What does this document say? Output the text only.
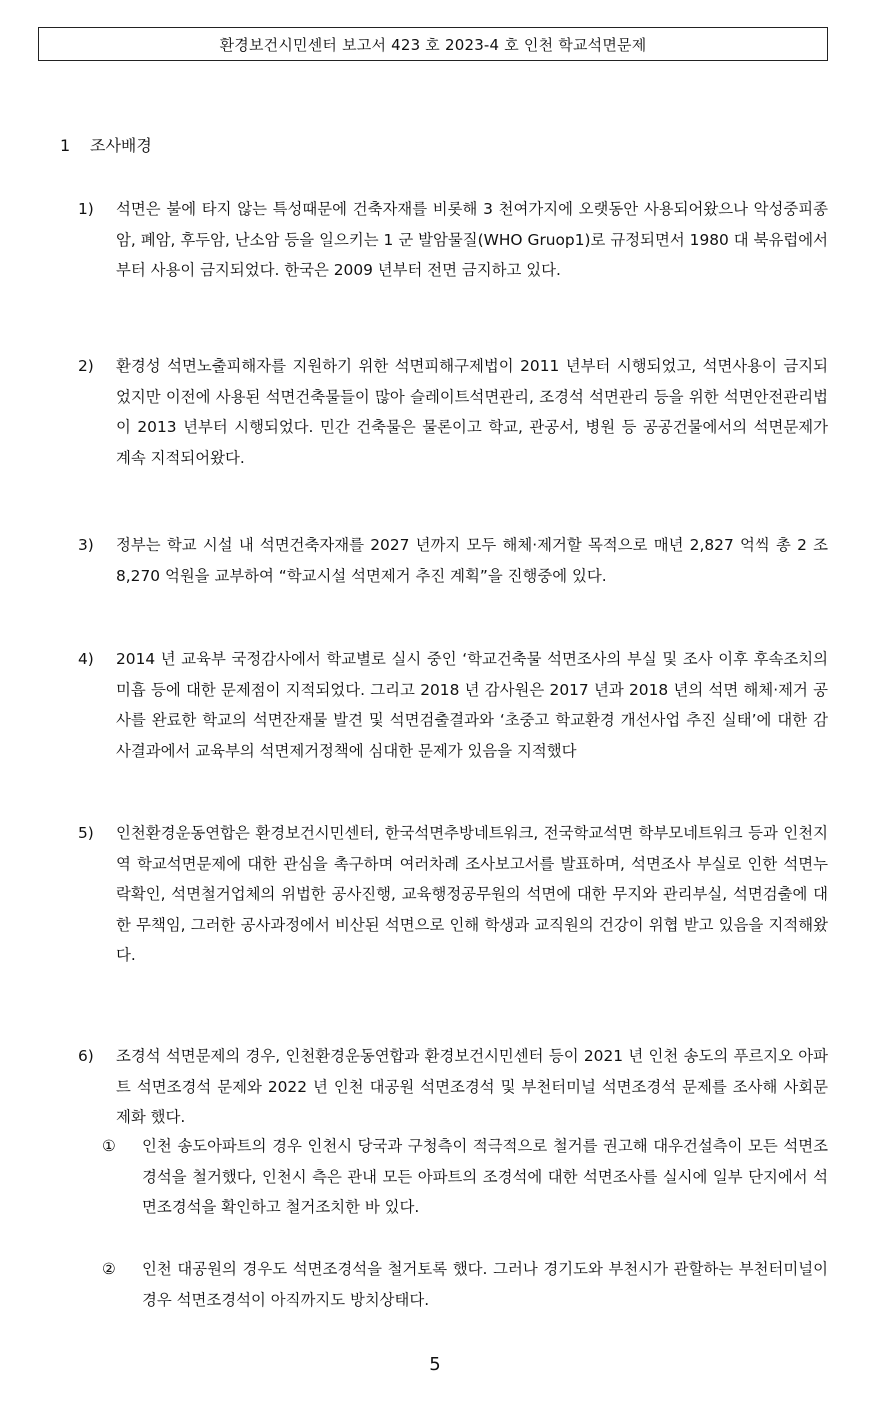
환경보건시민센터 보고서 423 호 2023-4 호 인천 학교석면문제
1 조사배경
1)	석면은 불에 타지 않는 특성때문에 건축자재를 비롯해 3 천여가지에 오랫동안 사용되어왔으나 악성중피종암, 폐암, 후두암, 난소암 등을 일으키는 1 군 발암물질(WHO Gruop1)로 규정되면서 1980 대 북유럽에서부터 사용이 금지되었다. 한국은 2009 년부터 전면 금지하고 있다.
2)	환경성 석면노출피해자를 지원하기 위한 석면피해구제법이 2011 년부터 시행되었고, 석면사용이 금지되었지만 이전에 사용된 석면건축물들이 많아 슬레이트석면관리, 조경석 석면관리 등을 위한 석면안전관리법이 2013 년부터 시행되었다. 민간 건축물은 물론이고 학교, 관공서, 병원 등 공공건물에서의 석면문제가 계속 지적되어왔다.
3)	정부는 학교 시설 내 석면건축자재를 2027 년까지 모두 해체·제거할 목적으로 매년 2,827 억씩 총 2 조 8,270 억원을 교부하여 “학교시설 석면제거 추진 계획”을 진행중에 있다.
4)	2014 년 교육부 국정감사에서 학교별로 실시 중인 ‘학교건축물 석면조사의 부실 및 조사 이후 후속조치의 미흡 등에 대한 문제점이 지적되었다. 그리고 2018 년 감사원은 2017 년과 2018 년의 석면 해체·제거 공사를 완료한 학교의 석면잔재물 발견 및 석면검출결과와 ‘초중고 학교환경 개선사업 추진 실태’에 대한 감사결과에서 교육부의 석면제거정책에 심대한 문제가 있음을 지적했다
5)	인천환경운동연합은 환경보건시민센터, 한국석면추방네트워크, 전국학교석면 학부모네트워크 등과 인천지역 학교석면문제에 대한 관심을 촉구하며 여러차례 조사보고서를 발표하며, 석면조사 부실로 인한 석면누락확인, 석면철거업체의 위법한 공사진행, 교육행정공무원의 석면에 대한 무지와 관리부실, 석면검출에 대한 무책임, 그러한 공사과정에서 비산된 석면으로 인해 학생과 교직원의 건강이 위협 받고 있음을 지적해왔다.
6)	조경석 석면문제의 경우, 인천환경운동연합과 환경보건시민센터 등이 2021 년 인천 송도의 푸르지오 아파트 석면조경석 문제와 2022 년 인천 대공원 석면조경석 및 부천터미널 석면조경석 문제를 조사해 사회문제화 했다.
①	인천 송도아파트의 경우 인천시 당국과 구청측이 적극적으로 철거를 권고해 대우건설측이 모든 석면조경석을 철거했다, 인천시 측은 관내 모든 아파트의 조경석에 대한 석면조사를 실시에 일부 단지에서 석면조경석을 확인하고 철거조치한 바 있다.
②	인천 대공원의 경우도 석면조경석을 철거토록 했다. 그러나 경기도와 부천시가 관할하는 부천터미널이 경우 석면조경석이 아직까지도 방치상태다.
5
